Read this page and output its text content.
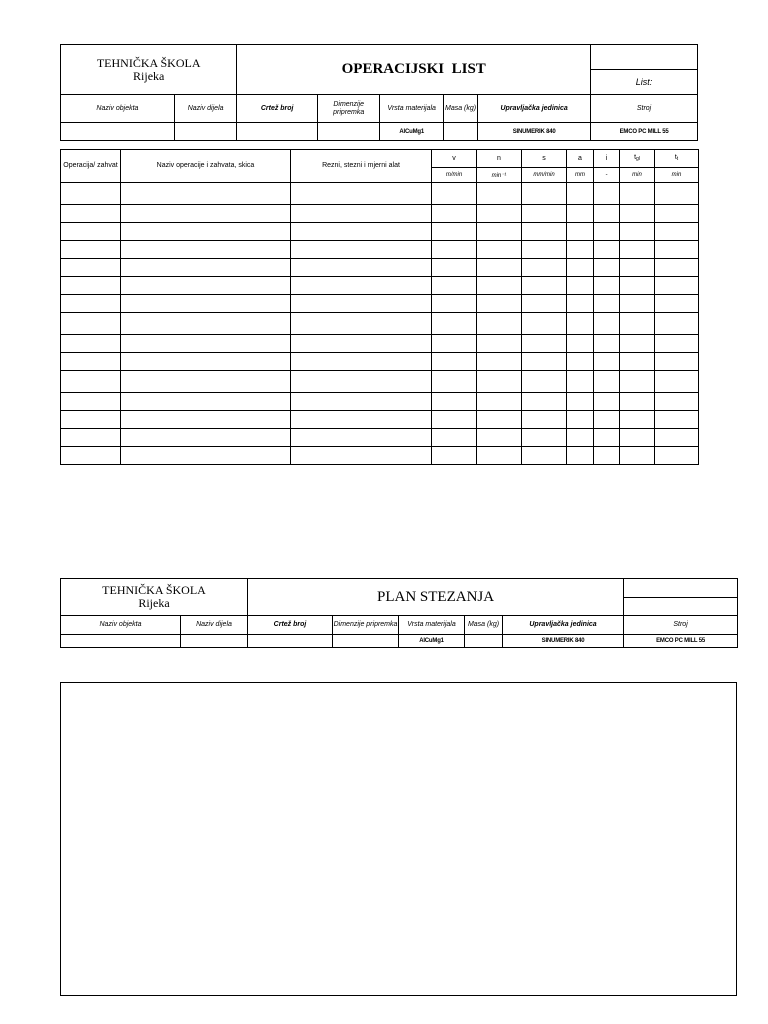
TEHNIČKA ŠKOLA
Rijeka		OPERACIJSKI  LIST					
							List:
Naziv objekta	Naziv dijela	Crtež broj	Dimenzije pripremka	Vrsta materijala	Masa (kg)	Upravljačka jedinica	Stroj
				AlCuMg1		SINUMERIK 840	EMCO PC MILL 55
Operacija/ zahvat	Naziv operacije i zahvata, skica	Rezni, stezni i mjerni alat	v	n	s	a	i	$t_{gl}$	$t_t$
			m/min	min⁻¹	mm/min	mm	-	min	min

TEHNIČKA ŠKOLA
Rijeka		PLAN STEZANJA					

Naziv objekta	Naziv dijela	Crtež broj	Dimenzije pripremka	Vrsta materijala	Masa (kg)	Upravljačka jedinica	Stroj
				AlCuMg1		SINUMERIK 840	EMCO PC MILL 55
